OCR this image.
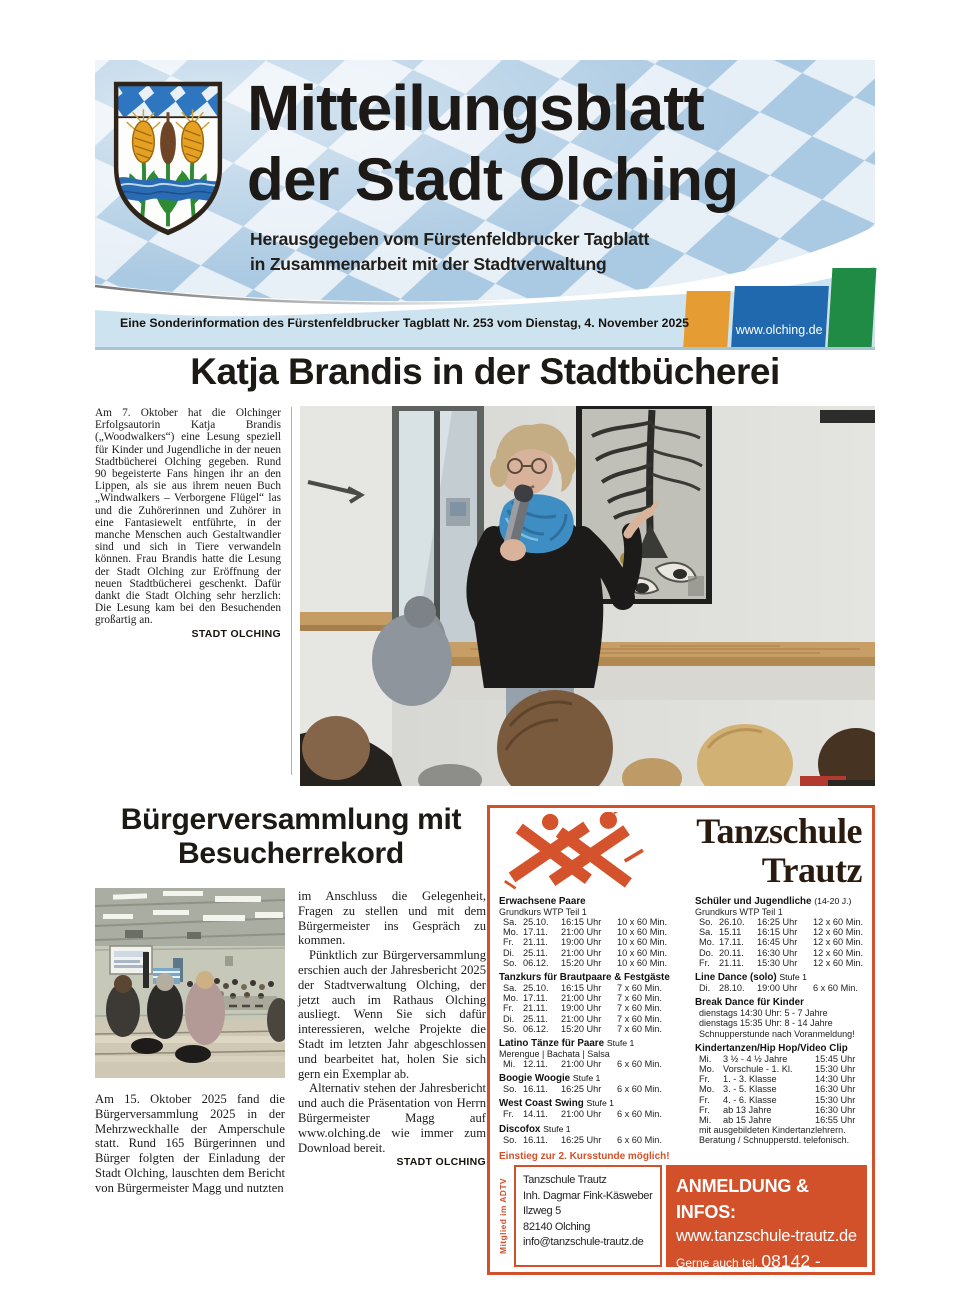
Mitteilungsblatt
der Stadt Olching
Herausgegeben vom Fürstenfeldbrucker Tagblatt
in Zusammenarbeit mit der Stadtverwaltung
www.olching.de
Eine Sonderinformation des Fürstenfeldbrucker Tagblatt Nr. 253 vom Dienstag, 4. November 2025
Katja Brandis in der Stadtbücherei

Am 7. Oktober hat die Olchinger Erfolgsautorin Katja Brandis („Woodwalkers“) eine Lesung speziell für Kinder und Jugendliche in der neuen Stadtbücherei Olching gegeben. Rund 90 begeisterte Fans hingen ihr an den Lippen, als sie aus ihrem neuen Buch „Windwalkers – Verborgene Flügel“ las und die Zuhörerinnen und Zuhörer in eine Fantasiewelt entführte, in der manche Menschen auch Gestaltwandler sind und sich in Tiere verwandeln können. Frau Brandis hatte die Lesung der Stadt Olching zur Eröffnung der neuen Stadtbücherei geschenkt. Dafür dankt die Stadt Olching sehr herzlich: Die Lesung kam bei den Besuchenden großartig an.

STADT OLCHING
Bürgerversammlung mit
Besucherrekord

Am 15. Oktober 2025 fand die Bürgerversammlung 2025 in der Mehrzweckhalle der Amperschule statt. Rund 165 Bürgerinnen und Bürger folgten der Einladung der Stadt Olching, lauschten dem Bericht von Bürgermeister Magg und nutzten

im Anschluss die Gelegenheit, Fragen zu stellen und mit dem Bürgermeister ins Gespräch zu kommen.

Pünktlich zur Bürgerversammlung erschien auch der Jahresbericht 2025 der Stadtverwaltung Olching, der jetzt auch im Rathaus Olching ausliegt. Wenn Sie sich dafür interessieren, welche Projekte die Stadt im letzten Jahr abgeschlossen und bearbeitet hat, holen Sie sich gern ein Exemplar ab.

Alternativ stehen der Jahresbericht und auch die Präsentation von Herrn Bürgermeister Magg auf www.olching.de wie immer zum Download bereit.

STADT OLCHING
Tanzschule
Trautz
Erwachsene Paare
Grundkurs WTP Teil 1
Sa. 25.10.	16:15 Uhr	10 x 60 Min.
Mo. 17.11.	21:00 Uhr	10 x 60 Min.
Fr.	21.11.	19:00 Uhr	10 x 60 Min.
Di. 25.11.	21:00 Uhr	10 x 60 Min.
So. 06.12.	15:20 Uhr	10 x 60 Min.
Tanzkurs für Brautpaare & Festgäste
Sa. 25.10.	16:15 Uhr	7 x 60 Min.
Mo. 17.11.	21:00 Uhr	7 x 60 Min.
Fr.	21.11.	19:00 Uhr	7 x 60 Min.
Di. 25.11.	21:00 Uhr	7 x 60 Min.
So. 06.12.	15:20 Uhr	7 x 60 Min.
Latino Tänze für Paare Stufe 1
Merengue | Bachata | Salsa
Mi. 12.11.	21:00 Uhr	6 x 60 Min.
Boogie Woogie Stufe 1
So. 16.11.	16:25 Uhr	6 x 60 Min.
West Coast Swing Stufe 1
Fr.	14.11.	21:00 Uhr	6 x 60 Min.
Discofox Stufe 1
So. 16.11.	16:25 Uhr	6 x 60 Min.
Einstieg zur 2. Kursstunde möglich!
Schüler und Jugendliche (14-20 J.)
Grundkurs WTP Teil 1
So. 26.10.	16:25 Uhr	12 x 60 Min.
Sa. 15.11	16:15 Uhr	12 x 60 Min.
Mo. 17.11.	16:45 Uhr	12 x 60 Min.
Do. 20.11.	16:30 Uhr	12 x 60 Min.
Fr.	21.11.	15:30 Uhr	12 x 60 Min.
Line Dance (solo) Stufe 1
Di. 28.10.	19:00 Uhr	6 x 60 Min.
Break Dance für Kinder
dienstags 14:30 Uhr: 5 - 7 Jahre
dienstags 15:35 Uhr: 8 - 14 Jahre
Schnupperstunde nach Voranmeldung!
Kindertanzen/Hip Hop/Video Clip
Mi.	3 ½ - 4 ½ Jahre	15:45 Uhr
Mo. Vorschule - 1. Kl.	15:30 Uhr
Fr.	1. - 3. Klasse	14:30 Uhr
Mo. 3. - 5. Klasse	16:30 Uhr
Fr.	4. - 6. Klasse	15:30 Uhr
Fr.	ab 13 Jahre	16:30 Uhr
Mi.	ab 15 Jahre	16:55 Uhr
mit ausgebildeten Kindertanzlehrern.
Beratung / Schnupperstd. telefonisch.
Mitglied im ADTV Tanzschule Trautz
Inh. Dagmar Fink-Käsweber
Ilzweg 5
82140 Olching
info@tanzschule-trautz.de
ANMELDUNG & INFOS:
www.tanzschule-trautz.de
Gerne auch tel. 08142 - 40260
